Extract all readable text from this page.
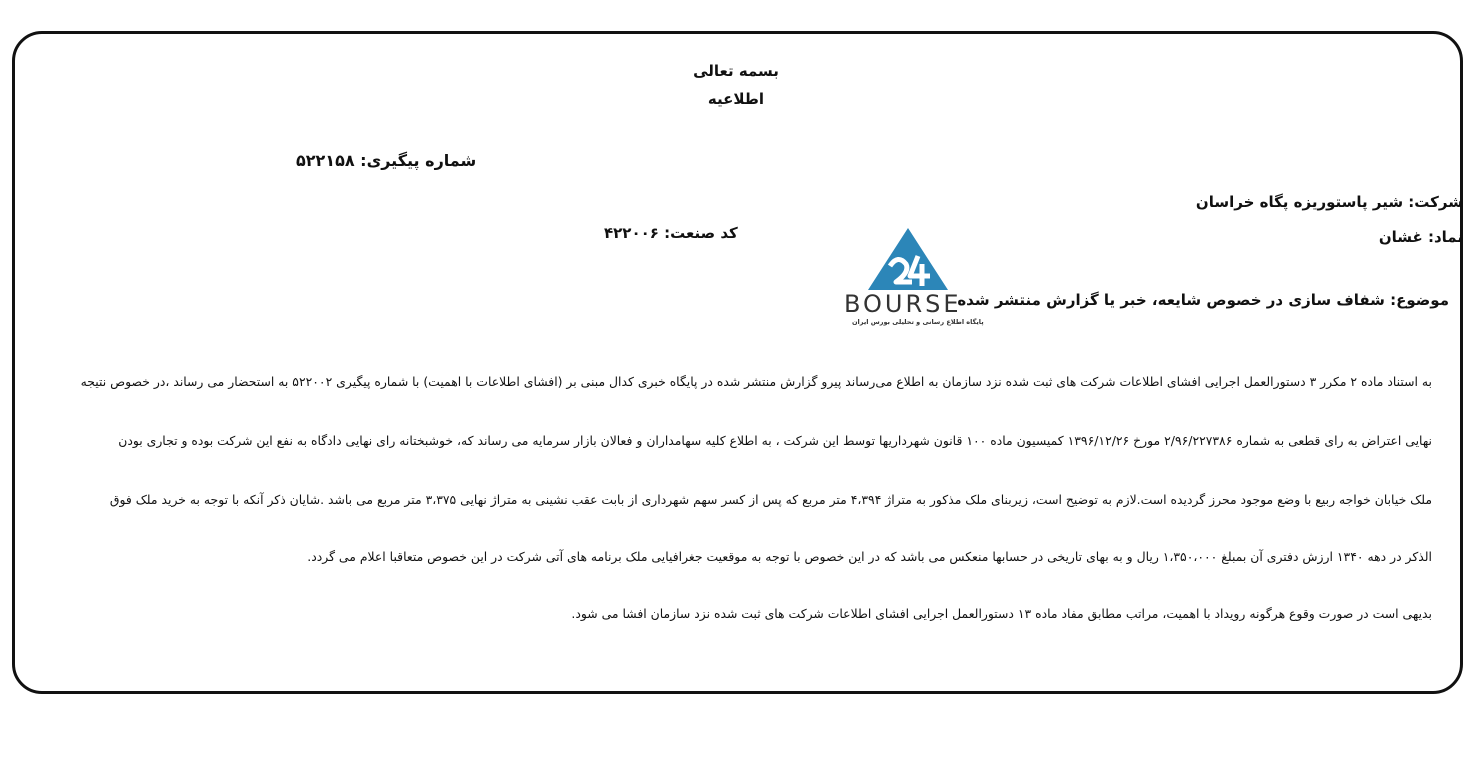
بسمه تعالی
اطلاعیه
شماره پیگیری: ۵۲۲۱۵۸
شرکت: شیر پاستوریزه پگاه خراسان
نماد: غشان
کد صنعت: ۴۲۲۰۰۶
موضوع: شفاف سازی در خصوص شایعه، خبر یا گزارش منتشر شده
BOURSE
پایگاه اطلاع رسانی و تحلیلی بورس ایران
به استناد ماده ۲ مکرر ۳ دستورالعمل اجرایی افشای اطلاعات شرکت های ثبت شده نزد سازمان به اطلاع می‌رساند پیرو گزارش منتشر شده در پایگاه خبری کدال مبنی بر (افشای اطلاعات با اهمیت) با شماره پیگیری ۵۲۲۰۰۲ به استحضار می رساند ،در خصوص نتیجه
نهایی اعتراض به رای قطعی به شماره ۲/۹۶/۲۲۷۳۸۶ مورخ ۱۳۹۶/۱۲/۲۶ کمیسیون ماده ۱۰۰ قانون شهرداریها توسط این شرکت ، به اطلاع کلیه سهامداران و فعالان بازار سرمایه می رساند که، خوشبختانه رای نهایی دادگاه به نفع این شرکت بوده و تجاری بودن
ملک خیابان خواجه ربیع با وضع موجود محرز گردیده است.لازم به توضیح است، زیربنای ملک مذکور به متراژ ۴،۳۹۴ متر مربع که پس از کسر سهم شهرداری از بابت عقب نشینی به متراژ نهایی ۳،۳۷۵ متر مربع می باشد .شایان ذکر آنکه با توجه به خرید ملک فوق
الذکر در دهه ۱۳۴۰ ارزش دفتری آن بمبلغ ۱،۳۵۰،۰۰۰ ریال و به بهای تاریخی در حسابها منعکس می باشد که در این خصوص با توجه به موقعیت جغرافیایی ملک برنامه های آتی شرکت در این خصوص متعاقبا اعلام می گردد.
بدیهی است در صورت وقوع هرگونه رویداد با اهمیت، مراتب مطابق مفاد ماده ۱۳ دستورالعمل اجرایی افشای اطلاعات شرکت های ثبت شده نزد سازمان افشا می شود.
